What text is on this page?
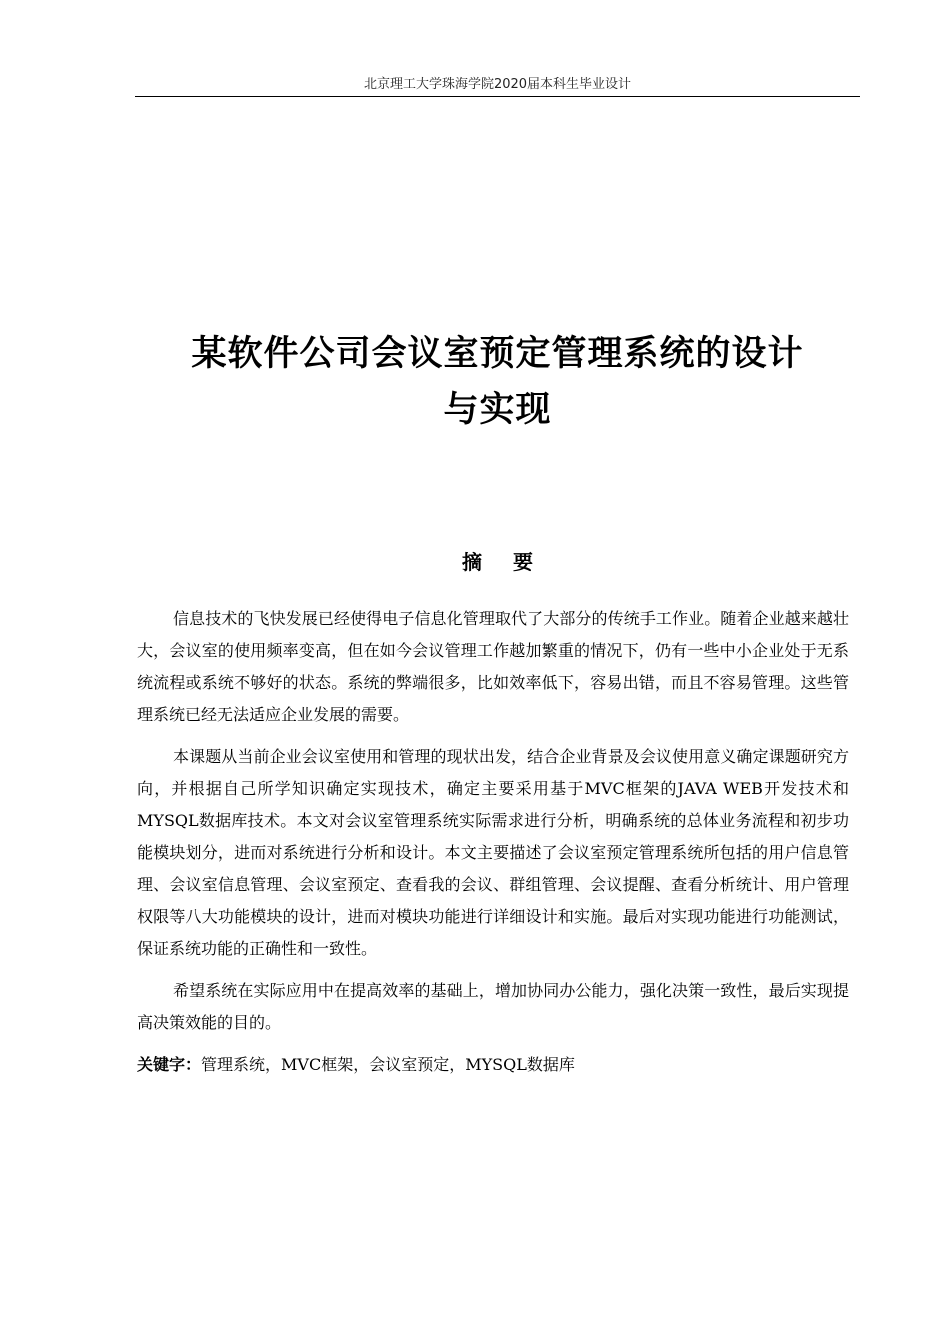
北京理工大学珠海学院2020届本科生毕业设计
某软件公司会议室预定管理系统的设计
与实现
摘 要

信息技术的飞快发展已经使得电子信息化管理取代了大部分的传统手工作业。随着企业越来越壮大，会议室的使用频率变高，但在如今会议管理工作越加繁重的情况下，仍有一些中小企业处于无系统流程或系统不够好的状态。系统的弊端很多，比如效率低下，容易出错，而且不容易管理。这些管理系统已经无法适应企业发展的需要。

本课题从当前企业会议室使用和管理的现状出发，结合企业背景及会议使用意义确定课题研究方向，并根据自己所学知识确定实现技术，确定主要采用基于MVC框架的JAVA WEB开发技术和 MYSQL数据库技术。本文对会议室管理系统实际需求进行分析，明确系统的总体业务流程和初步功能模块划分，进而对系统进行分析和设计。本文主要描述了会议室预定管理系统所包括的用户信息管理、会议室信息管理、会议室预定、查看我的会议、群组管理、会议提醒、查看分析统计、用户管理权限等八大功能模块的设计，进而对模块功能进行详细设计和实施。最后对实现功能进行功能测试，保证系统功能的正确性和一致性。

希望系统在实际应用中在提高效率的基础上，增加协同办公能力，强化决策一致性，最后实现提高决策效能的目的。

关键字：管理系统，MVC框架，会议室预定，MYSQL数据库
